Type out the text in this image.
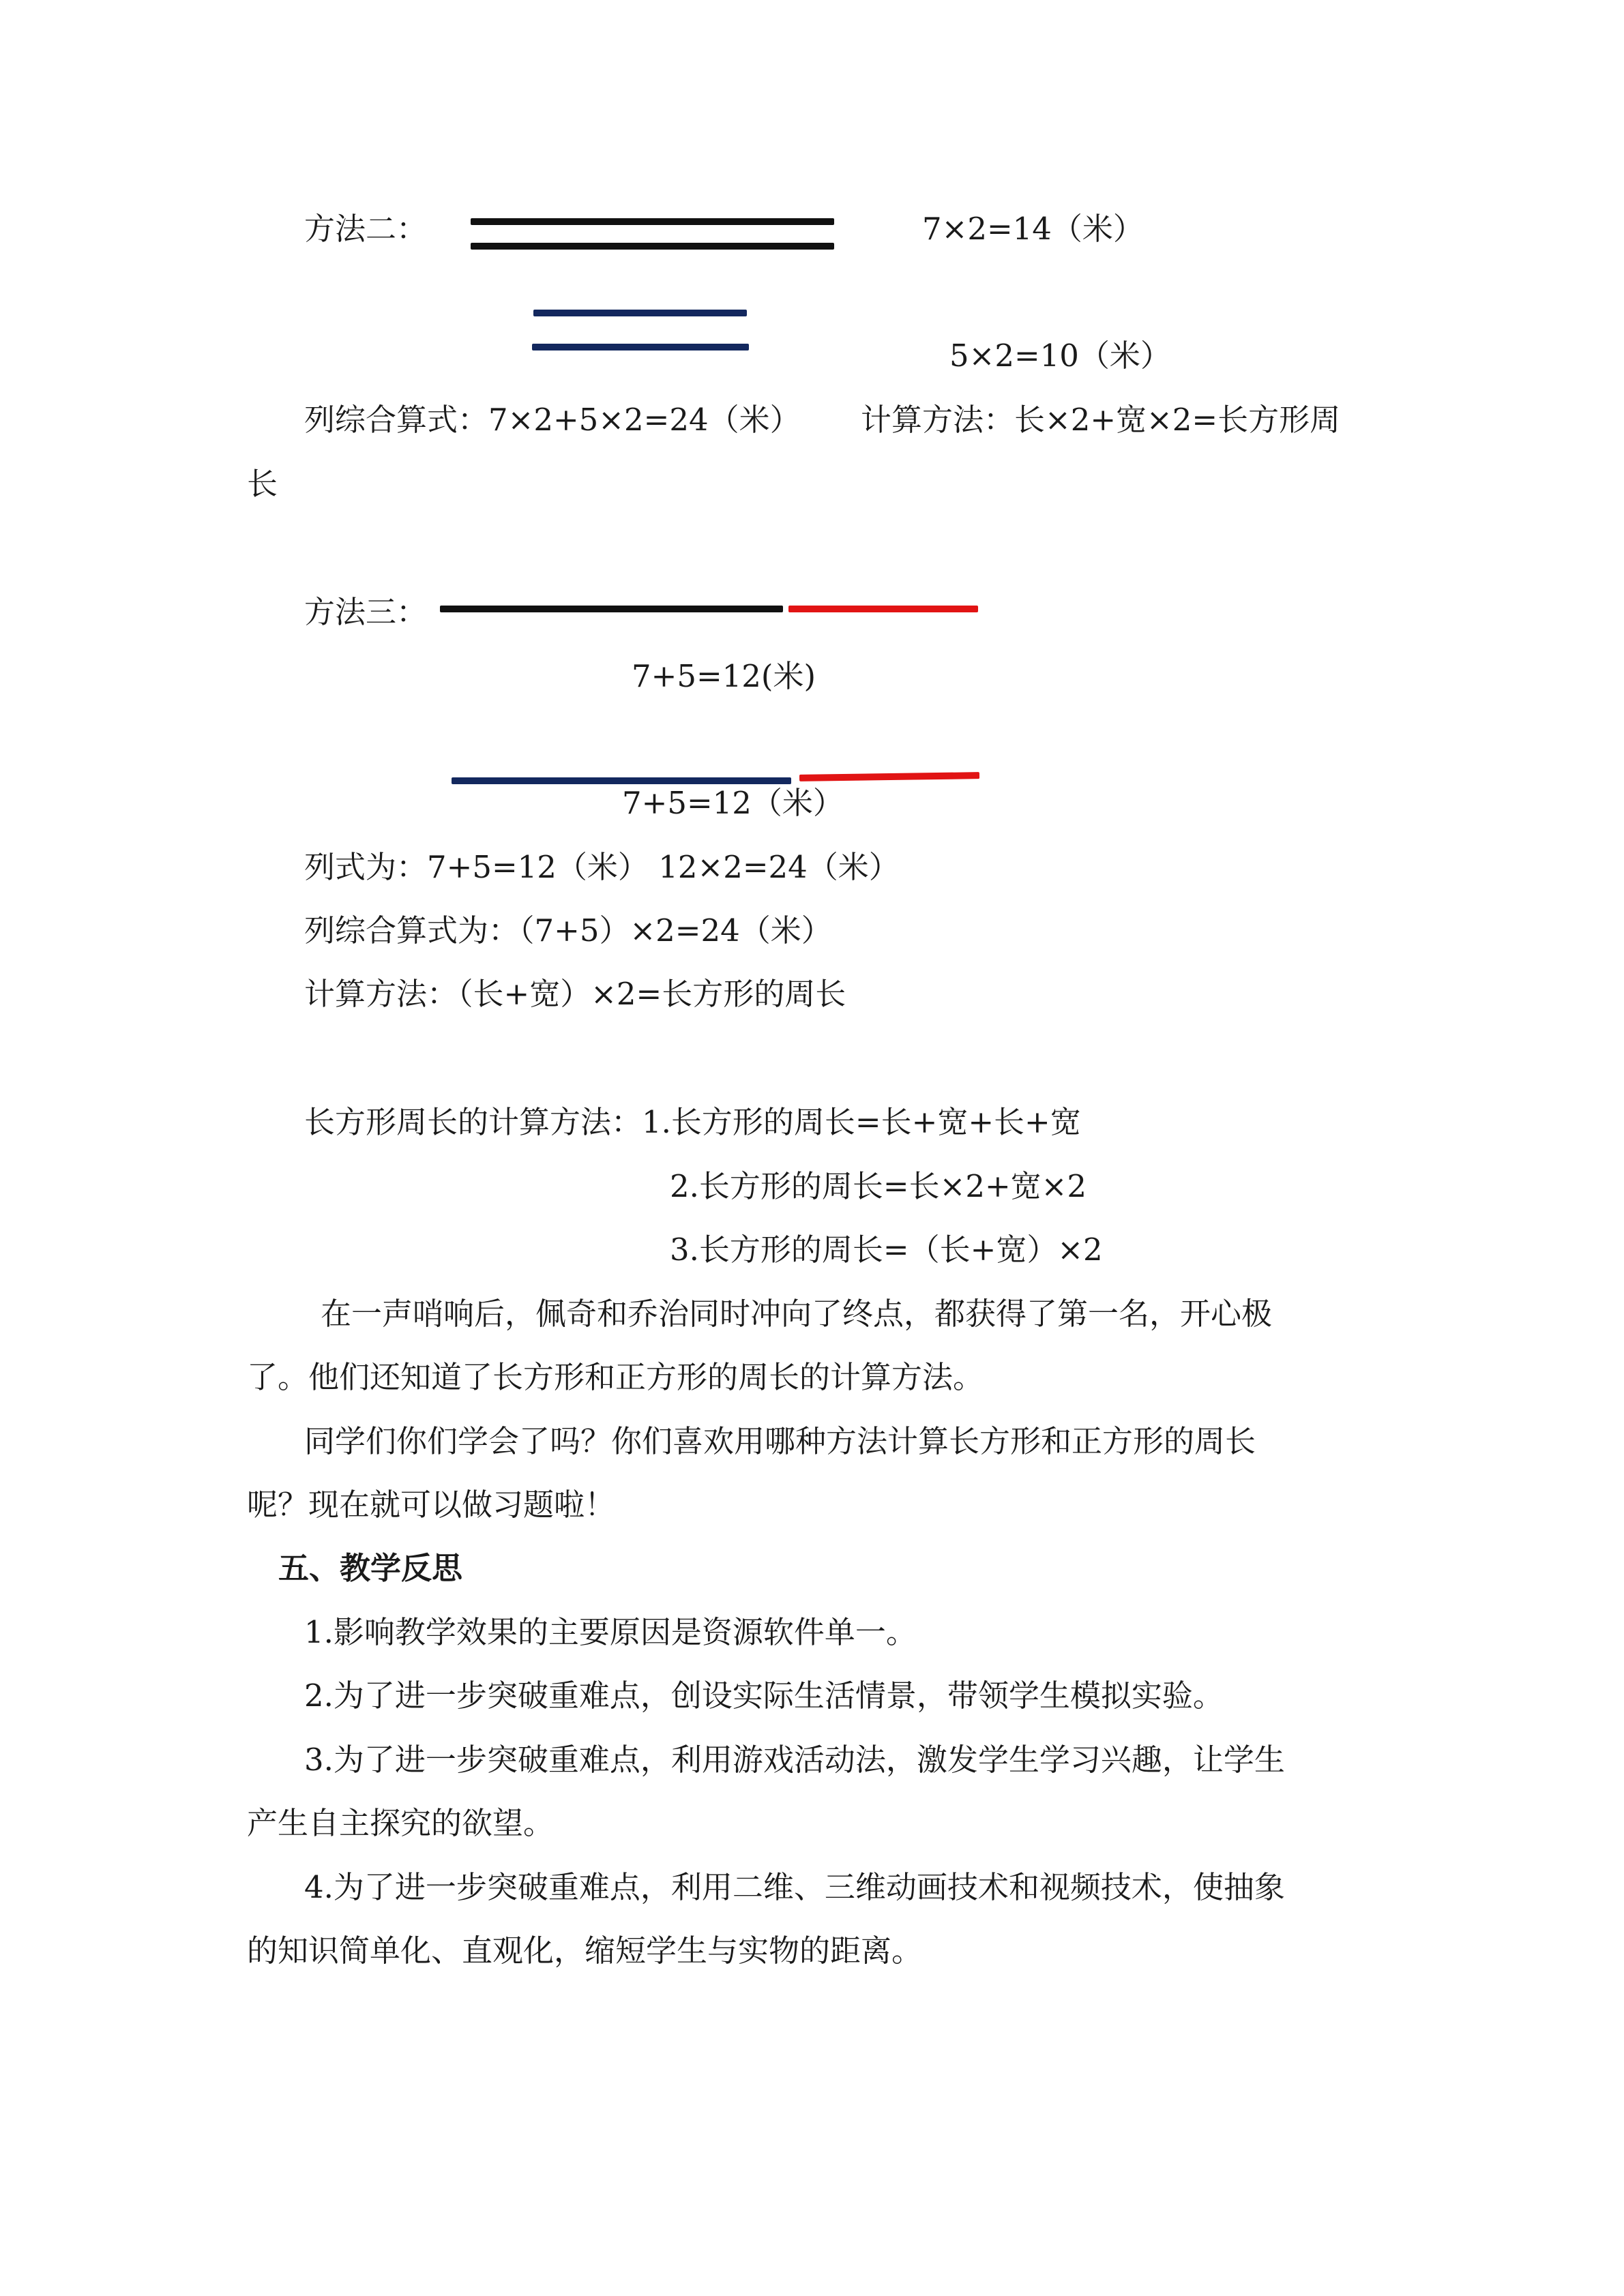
方法二：	7×2=14（米）
5×2=10（米）
列综合算式：7×2+5×2=24（米） 计算方法：长×2+宽×2=长方形周
长
方法三：
7+5=12(米)
7+5=12（米）
列式为：7+5=12（米） 12×2=24（米）
列综合算式为：（7+5）×2=24（米）
计算方法：（长+宽）×2=长方形的周长
长方形周长的计算方法：1.长方形的周长=长+宽+长+宽
2.长方形的周长=长×2+宽×2
3.长方形的周长=（长+宽）×2
在一声哨响后，佩奇和乔治同时冲向了终点，都获得了第一名，开心极
了。他们还知道了长方形和正方形的周长的计算方法。
同学们你们学会了吗？你们喜欢用哪种方法计算长方形和正方形的周长
呢？现在就可以做习题啦！
五、教学反思
1.影响教学效果的主要原因是资源软件单一。
2.为了进一步突破重难点，创设实际生活情景，带领学生模拟实验。
3.为了进一步突破重难点，利用游戏活动法，激发学生学习兴趣，让学生
产生自主探究的欲望。
4.为了进一步突破重难点，利用二维、三维动画技术和视频技术，使抽象
的知识简单化、直观化，缩短学生与实物的距离。
